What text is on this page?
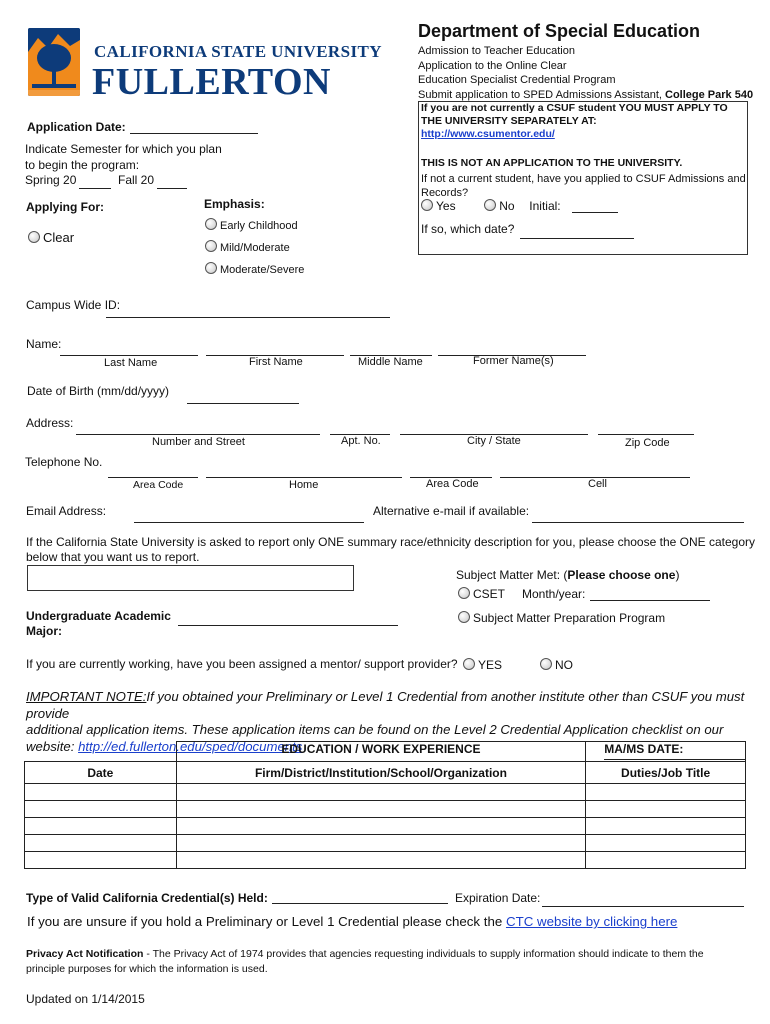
CALIFORNIA STATE UNIVERSITY
FULLERTON
Department of Special Education
Admission to Teacher Education
Application to the Online Clear
Education Specialist Credential Program
Submit application to SPED Admissions Assistant, College Park 540
If you are not currently a CSUF student YOU MUST APPLY TO
THE UNIVERSITY SEPARATELY AT:
http://www.csumentor.edu/
THIS IS NOT AN APPLICATION TO THE UNIVERSITY.
If not a current student, have you applied to CSUF Admissions and
Records?
Yes	No Initial:
If so, which date?
Application Date:
Indicate Semester for which you plan
to begin the program:
Spring 20	Fall 20
Applying For:	Emphasis:
Clear
Early Childhood
Mild/Moderate
Moderate/Severe
Campus Wide ID:
Name:
Last Name	First Name	Middle Name	Former Name(s)
Date of Birth (mm/dd/yyyy)
Address:
Number and Street	Apt. No.	City / State	Zip Code
Telephone No.
Area Code	Home	Area Code	Cell
Email Address:	Alternative e-mail if available:
If the California State University is asked to report only ONE summary race/ethnicity description for you, please choose the ONE category
below that you want us to report.
Subject Matter Met: (Please choose one)
CSET Month/year:
Subject Matter Preparation Program
Undergraduate Academic
Major:
If you are currently working, have you been assigned a mentor/ support provider?	YES	NO
IMPORTANT NOTE:If you obtained your Preliminary or Level 1 Credential from another institute other than CSUF you must provide
additional application items. These application items can be found on the Level 2 Credential Application checklist on our
website: http://ed.fullerton.edu/sped/documents
	EDUCATION / WORK EXPERIENCE	MA/MS DATE:
Date	Firm/District/Institution/School/Organization	Duties/Job Title

Type of Valid California Credential(s) Held:	Expiration Date:
If you are unsure if you hold a Preliminary or Level 1 Credential please check the CTC website by clicking here
Privacy Act Notification - The Privacy Act of 1974 provides that agencies requesting individuals to supply information should indicate to them the
principle purposes for which the information is used.
Updated on 1/14/2015
